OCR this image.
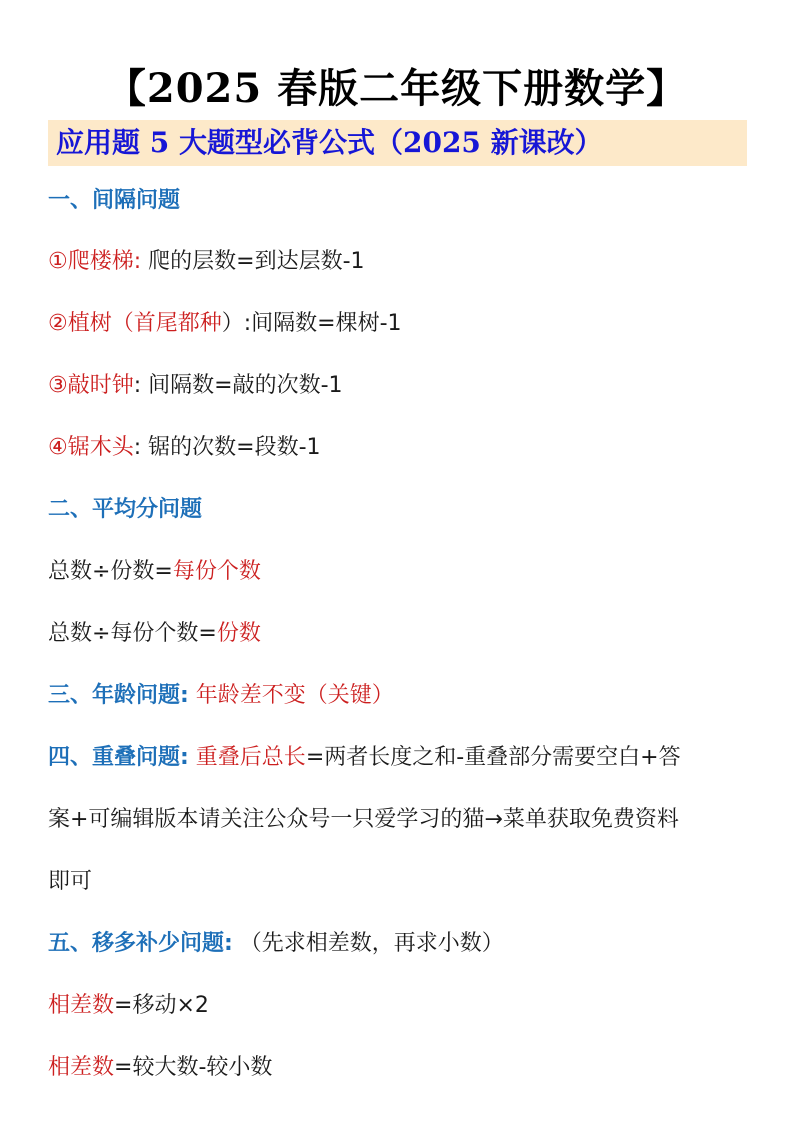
【2025 春版二年级下册数学】
应用题 5 大题型必背公式（2025 新课改）
一、间隔问题
①爬楼梯: 爬的层数=到达层数-1
②植树（首尾都种）:间隔数=棵树-1
③敲时钟: 间隔数=敲的次数-1
④锯木头: 锯的次数=段数-1
二、平均分问题
总数÷份数=每份个数
总数÷每份个数=份数
三、年龄问题: 年龄差不变（关键）
四、重叠问题: 重叠后总长=两者长度之和-重叠部分需要空白+答
案+可编辑版本请关注公众号一只爱学习的猫→菜单获取免费资料
即可
五、移多补少问题: （先求相差数，再求小数）
相差数=移动×2
相差数=较大数-较小数
